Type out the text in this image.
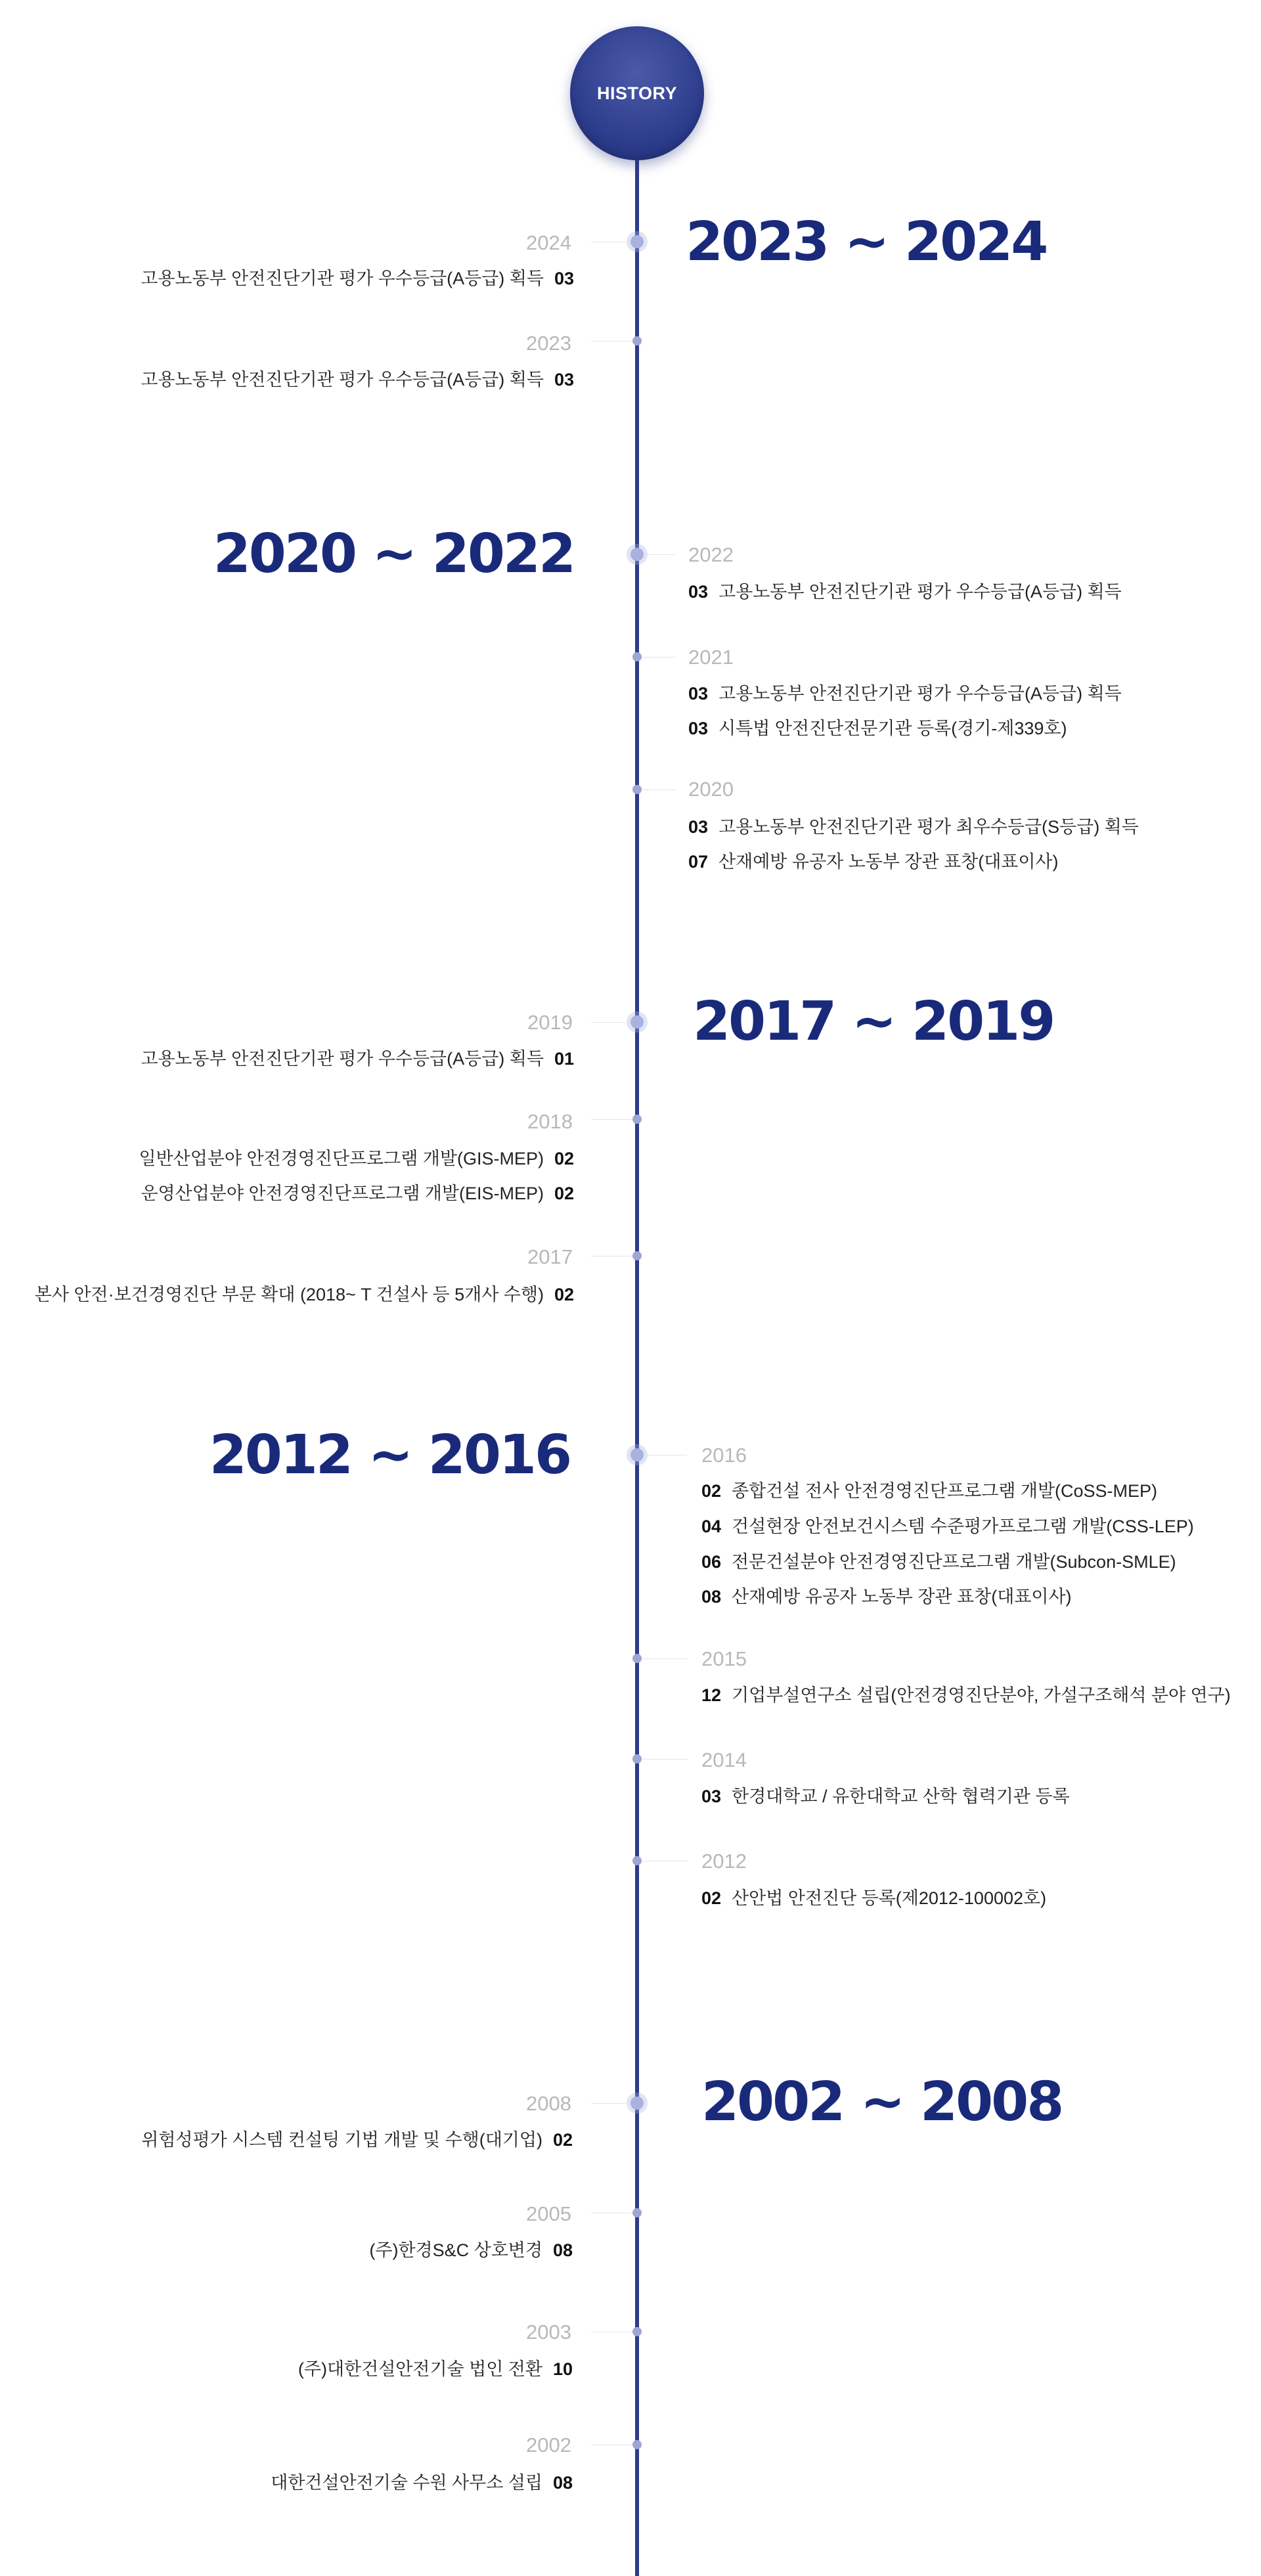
HISTORY
2023 ~ 2024
2024
고용노동부 안전진단기관 평가 우수등급(A등급) 획득 03
2023
고용노동부 안전진단기관 평가 우수등급(A등급) 획득 03
2020 ~ 2022	2022
03 고용노동부 안전진단기관 평가 우수등급(A등급) 획득
2021
03 고용노동부 안전진단기관 평가 우수등급(A등급) 획득
03 시특법 안전진단전문기관 등록(경기-제339호)
2020
03 고용노동부 안전진단기관 평가 최우수등급(S등급) 획득
07 산재예방 유공자 노동부 장관 표창(대표이사)
2017 ~ 2019
2019
고용노동부 안전진단기관 평가 우수등급(A등급) 획득 01
2018
일반산업분야 안전경영진단프로그램 개발(GIS-MEP) 02
운영산업분야 안전경영진단프로그램 개발(EIS-MEP) 02
2017
본사 안전·보건경영진단 부문 확대 (2018~ T 건설사 등 5개사 수행) 02
2012 ~ 2016	2016
02 종합건설 전사 안전경영진단프로그램 개발(CoSS-MEP)
04 건설현장 안전보건시스템 수준평가프로그램 개발(CSS-LEP)
06 전문건설분야 안전경영진단프로그램 개발(Subcon-SMLE)
08 산재예방 유공자 노동부 장관 표창(대표이사)
2015
12 기업부설연구소 설립(안전경영진단분야, 가설구조해석 분야 연구)
2014
03 한경대학교 / 유한대학교 산학 협력기관 등록
2012
02 산안법 안전진단 등록(제2012-100002호)
2002 ~ 2008
2008
위험성평가 시스템 컨설팅 기법 개발 및 수행(대기업) 02
2005
(주)한경S&C 상호변경 08
2003
(주)대한건설안전기술 법인 전환 10
2002
대한건설안전기술 수원 사무소 설립 08
